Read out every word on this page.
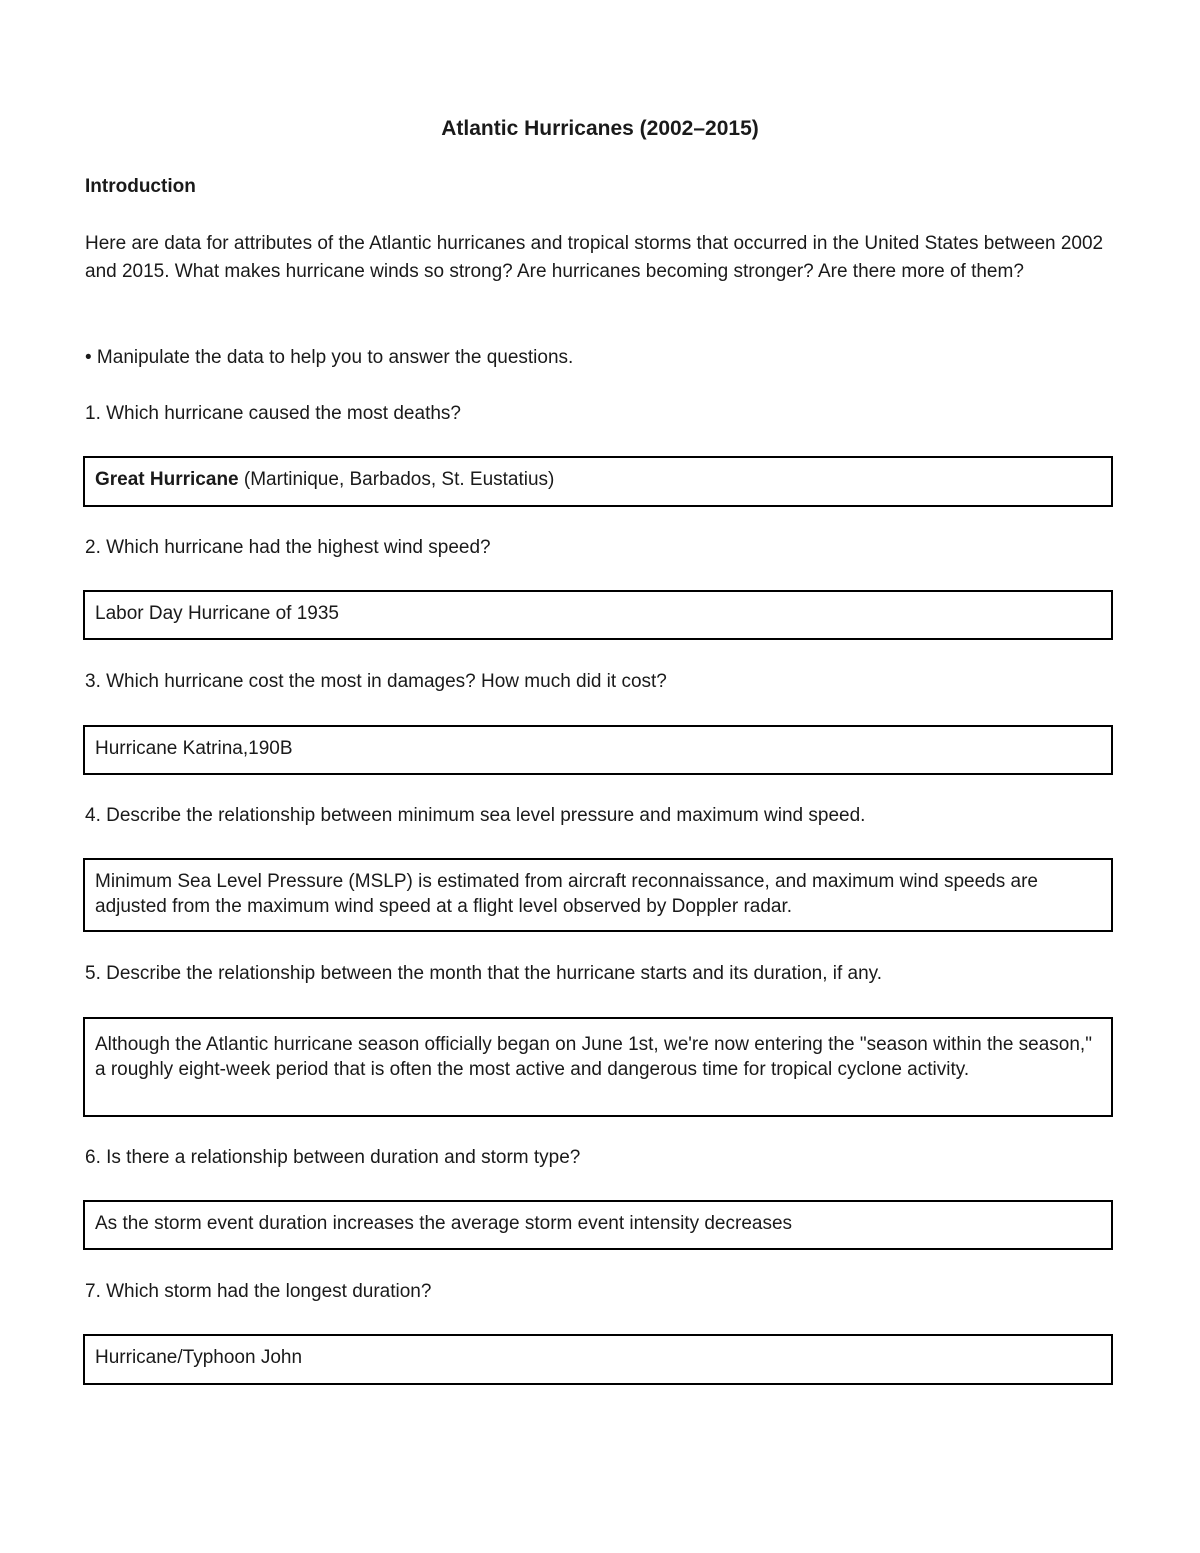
Atlantic Hurricanes (2002–2015)
Introduction
Here are data for attributes of the Atlantic hurricanes and tropical storms that occurred in the United States between 2002 and 2015. What makes hurricane winds so strong? Are hurricanes becoming stronger? Are there more of them?
• Manipulate the data to help you to answer the questions.
1. Which hurricane caused the most deaths?
Great Hurricane (Martinique, Barbados, St. Eustatius)
2. Which hurricane had the highest wind speed?
Labor Day Hurricane of 1935
3. Which hurricane cost the most in damages? How much did it cost?
Hurricane Katrina,190B
4. Describe the relationship between minimum sea level pressure and maximum wind speed.
Minimum Sea Level Pressure (MSLP) is estimated from aircraft reconnaissance, and maximum wind speeds are adjusted from the maximum wind speed at a flight level observed by Doppler radar.
5. Describe the relationship between the month that the hurricane starts and its duration, if any.
Although the Atlantic hurricane season officially began on June 1st, we're now entering the "season within the season," a roughly eight-week period that is often the most active and dangerous time for tropical cyclone activity.
6. Is there a relationship between duration and storm type?
As the storm event duration increases the average storm event intensity decreases
7. Which storm had the longest duration?
Hurricane/Typhoon John
